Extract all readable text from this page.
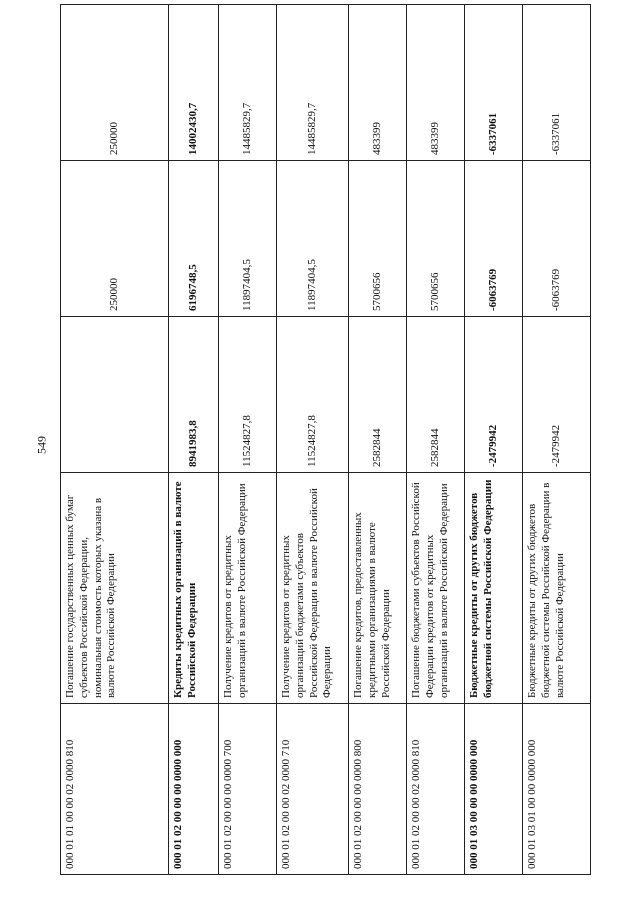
549
000 01 01 00 00 02 0000 810	Погашение государственных ценных бумаг субъектов Российской Федерации, номинальная стоимость которых указана в валюте Российской Федерации		250000	250000
000 01 02 00 00 00 0000 000	Кредиты кредитных организаций в валюте Российской Федерации	8941983,8	6196748,5	14002430,7
000 01 02 00 00 00 0000 700	Получение кредитов от кредитных организаций в валюте Российской Федерации	11524827,8	11897404,5	14485829,7
000 01 02 00 00 02 0000 710	Получение кредитов от кредитных организаций бюджетами субъектов Российской Федерации в валюте Российской Федерации	11524827,8	11897404,5	14485829,7
000 01 02 00 00 00 0000 800	Погашение кредитов, предоставленных кредитными организациями в валюте Российской Федерации	2582844	5700656	483399
000 01 02 00 00 02 0000 810	Погашение бюджетами субъектов Российской Федерации кредитов от кредитных организаций в валюте Российской Федерации	2582844	5700656	483399
000 01 03 00 00 00 0000 000	Бюджетные кредиты от других бюджетов бюджетной системы Российской Федерации	-2479942	-6063769	-6337061
000 01 03 01 00 00 0000 000	Бюджетные кредиты от других бюджетов бюджетной системы Российской Федерации в валюте Российской Федерации	-2479942	-6063769	-6337061
